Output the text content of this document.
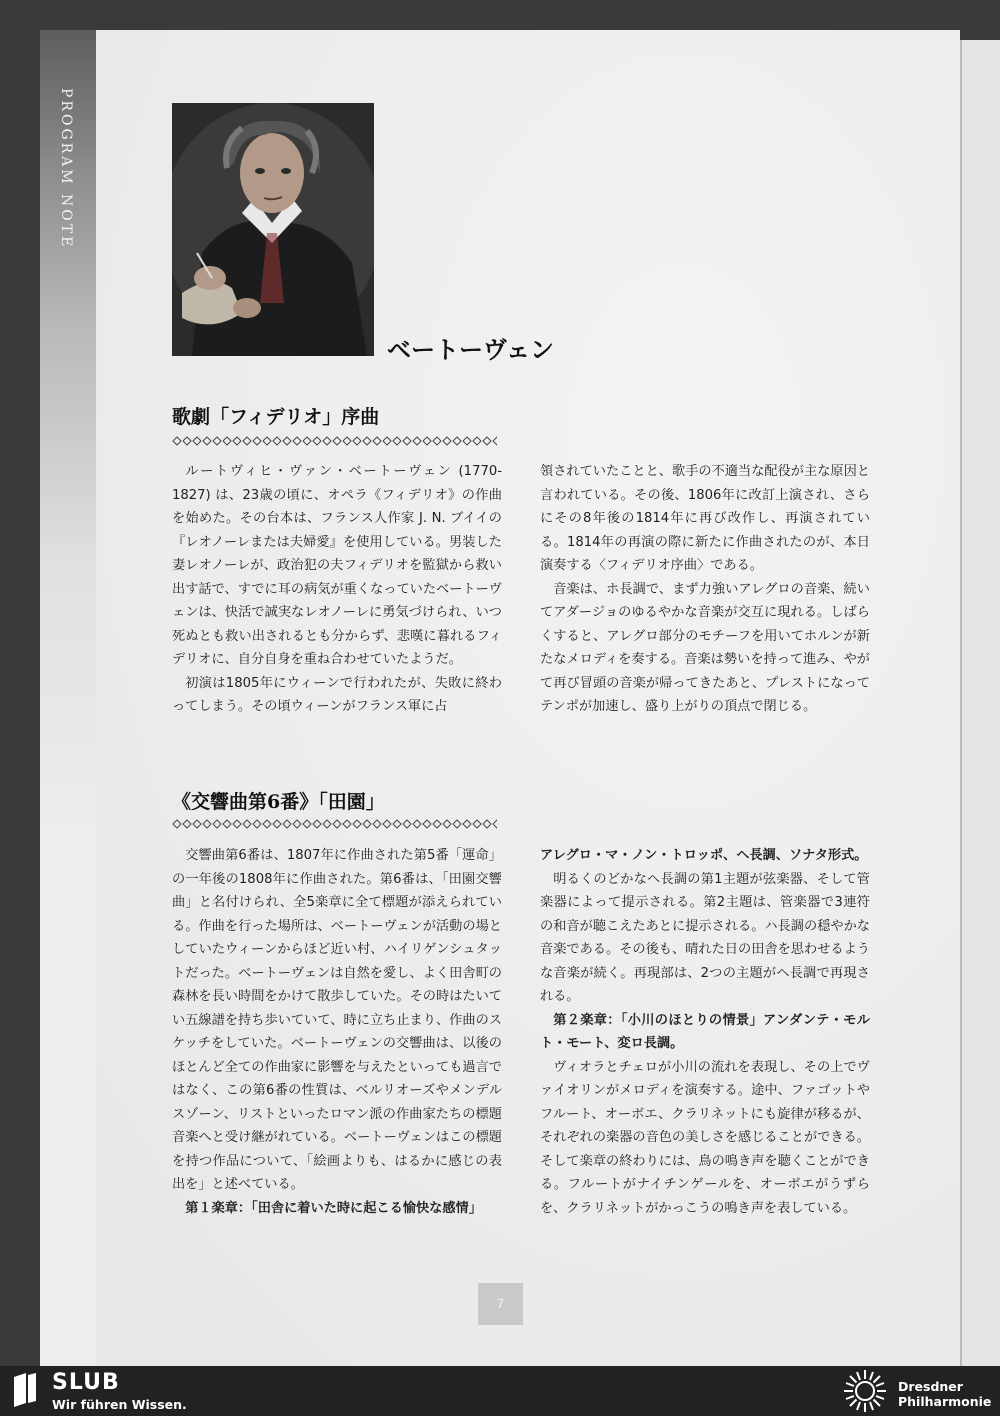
PROGRAM NOTE
ベートーヴェン
歌劇「フィデリオ」序曲

ルートヴィヒ・ヴァン・ベートーヴェン (1770-1827) は、23歳の頃に、オペラ《フィデリオ》の作曲を始めた。その台本は、フランス人作家 J. N. ブイイの『レオノーレまたは夫婦愛』を使用している。男装した妻レオノーレが、政治犯の夫フィデリオを監獄から救い出す話で、すでに耳の病気が重くなっていたベートーヴェンは、快活で誠実なレオノーレに勇気づけられ、いつ死ぬとも救い出されるとも分からず、悲嘆に暮れるフィデリオに、自分自身を重ね合わせていたようだ。

初演は1805年にウィーンで行われたが、失敗に終わってしまう。その頃ウィーンがフランス軍に占

領されていたことと、歌手の不適当な配役が主な原因と言われている。その後、1806年に改訂上演され、さらにその8年後の1814年に再び改作し、再演されている。1814年の再演の際に新たに作曲されたのが、本日演奏する〈フィデリオ序曲〉である。

音楽は、ホ長調で、まず力強いアレグロの音楽、続いてアダージョのゆるやかな音楽が交互に現れる。しばらくすると、アレグロ部分のモチーフを用いてホルンが新たなメロディを奏する。音楽は勢いを持って進み、やがて再び冒頭の音楽が帰ってきたあと、プレストになってテンポが加速し、盛り上がりの頂点で閉じる。

《交響曲第6番》「田園」

交響曲第6番は、1807年に作曲された第5番「運命」の一年後の1808年に作曲された。第6番は、「田園交響曲」と名付けられ、全5楽章に全て標題が添えられている。作曲を行った場所は、ベートーヴェンが活動の場としていたウィーンからほど近い村、ハイリゲンシュタットだった。ベートーヴェンは自然を愛し、よく田舎町の森林を長い時間をかけて散歩していた。その時はたいてい五線譜を持ち歩いていて、時に立ち止まり、作曲のスケッチをしていた。ベートーヴェンの交響曲は、以後のほとんど全ての作曲家に影響を与えたといっても過言ではなく、この第6番の性質は、ベルリオーズやメンデルスゾーン、リストといったロマン派の作曲家たちの標題音楽へと受け継がれている。ベートーヴェンはこの標題を持つ作品について、「絵画よりも、はるかに感じの表出を」と述べている。

第１楽章：「田舎に着いた時に起こる愉快な感情」

アレグロ・マ・ノン・トロッポ、ヘ長調、ソナタ形式。

明るくのどかなヘ長調の第1主題が弦楽器、そして管楽器によって提示される。第2主題は、管楽器で3連符の和音が聴こえたあとに提示される。ハ長調の穏やかな音楽である。その後も、晴れた日の田舎を思わせるような音楽が続く。再現部は、2つの主題がヘ長調で再現される。

第２楽章：「小川のほとりの情景」アンダンテ・モルト・モート、変ロ長調。

ヴィオラとチェロが小川の流れを表現し、その上でヴァイオリンがメロディを演奏する。途中、ファゴットやフルート、オーボエ、クラリネットにも旋律が移るが、それぞれの楽器の音色の美しさを感じることができる。そして楽章の終わりには、鳥の鳴き声を聴くことができる。フルートがナイチンゲールを、オーボエがうずらを、クラリネットがかっこうの鳴き声を表している。

7
SLUB
Wir führen Wissen.
Dresdner
Philharmonie
